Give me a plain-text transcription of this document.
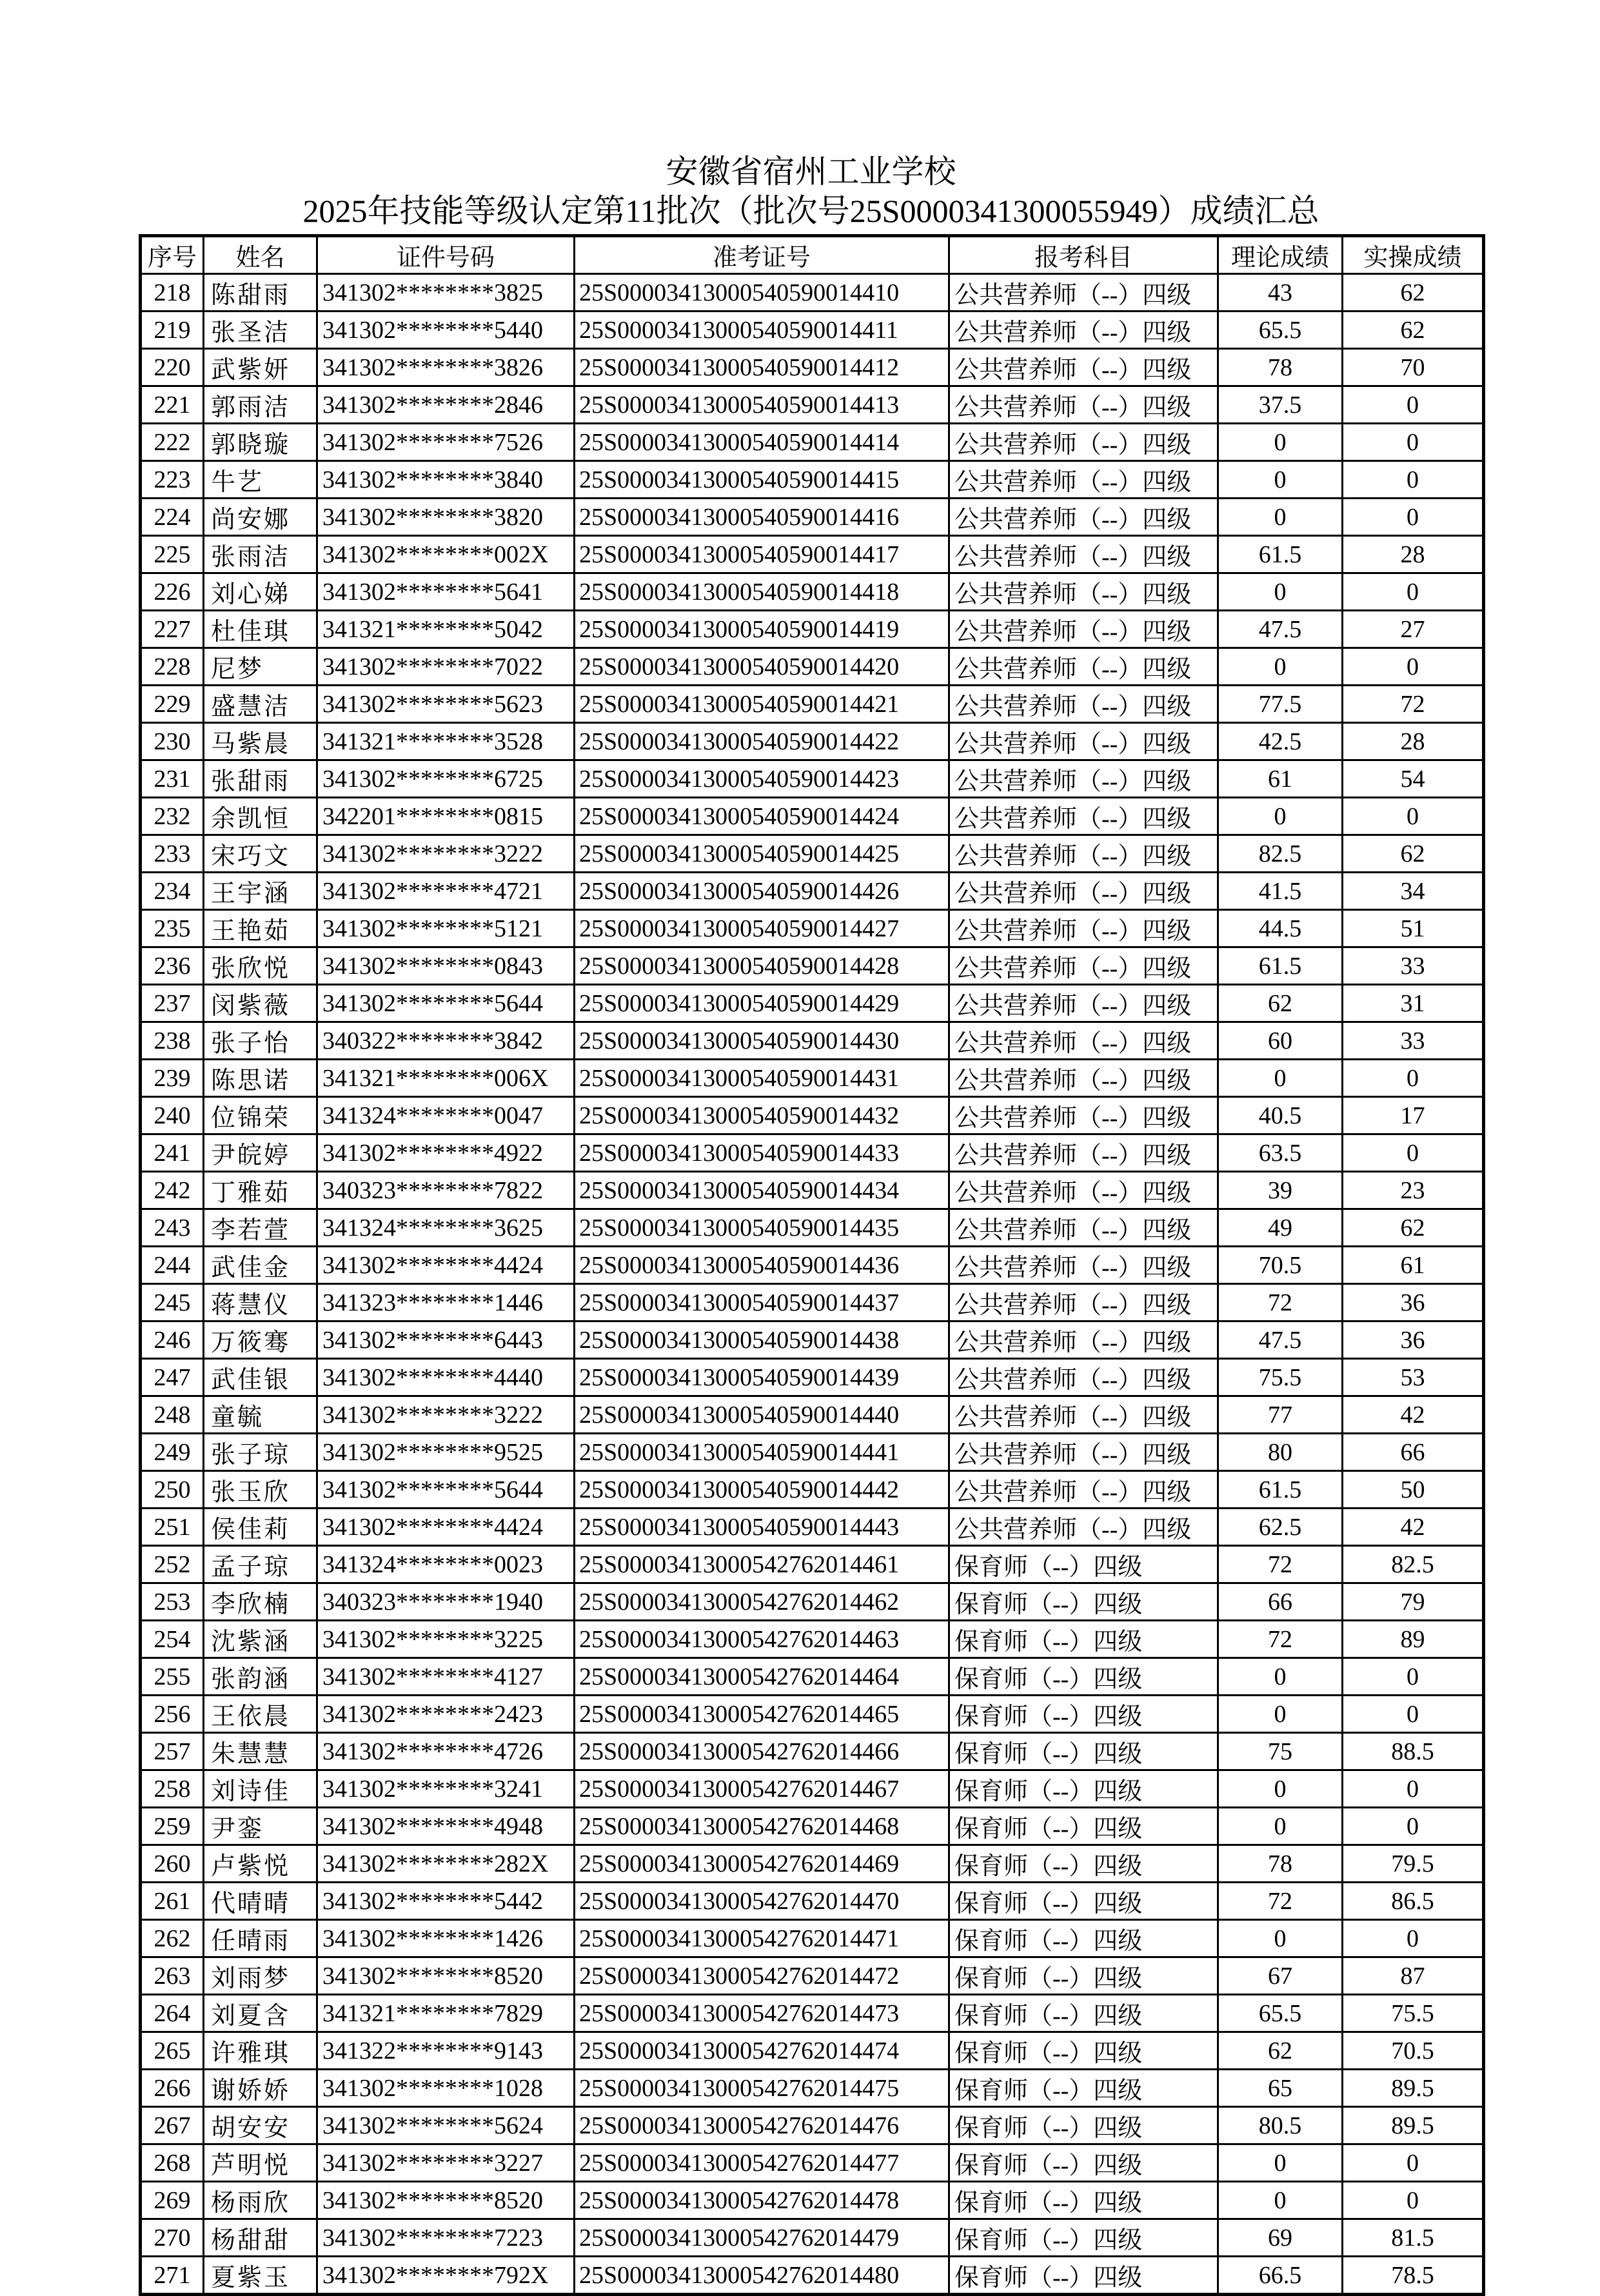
安徽省宿州工业学校
2025年技能等级认定第11批次（批次号25S0000341300055949）成绩汇总
序号	姓名	证件号码	准考证号	报考科目	理论成绩	实操成绩
218	陈甜雨	341302********3825	25S00003413000540590014410	公共营养师（--）四级	43	62
219	张圣洁	341302********5440	25S00003413000540590014411	公共营养师（--）四级	65.5	62
220	武紫妍	341302********3826	25S00003413000540590014412	公共营养师（--）四级	78	70
221	郭雨洁	341302********2846	25S00003413000540590014413	公共营养师（--）四级	37.5	0
222	郭晓璇	341302********7526	25S00003413000540590014414	公共营养师（--）四级	0	0
223	牛艺	341302********3840	25S00003413000540590014415	公共营养师（--）四级	0	0
224	尚安娜	341302********3820	25S00003413000540590014416	公共营养师（--）四级	0	0
225	张雨洁	341302********002X	25S00003413000540590014417	公共营养师（--）四级	61.5	28
226	刘心娣	341302********5641	25S00003413000540590014418	公共营养师（--）四级	0	0
227	杜佳琪	341321********5042	25S00003413000540590014419	公共营养师（--）四级	47.5	27
228	尼梦	341302********7022	25S00003413000540590014420	公共营养师（--）四级	0	0
229	盛慧洁	341302********5623	25S00003413000540590014421	公共营养师（--）四级	77.5	72
230	马紫晨	341321********3528	25S00003413000540590014422	公共营养师（--）四级	42.5	28
231	张甜雨	341302********6725	25S00003413000540590014423	公共营养师（--）四级	61	54
232	余凯恒	342201********0815	25S00003413000540590014424	公共营养师（--）四级	0	0
233	宋巧文	341302********3222	25S00003413000540590014425	公共营养师（--）四级	82.5	62
234	王宇涵	341302********4721	25S00003413000540590014426	公共营养师（--）四级	41.5	34
235	王艳茹	341302********5121	25S00003413000540590014427	公共营养师（--）四级	44.5	51
236	张欣悦	341302********0843	25S00003413000540590014428	公共营养师（--）四级	61.5	33
237	闵紫薇	341302********5644	25S00003413000540590014429	公共营养师（--）四级	62	31
238	张子怡	340322********3842	25S00003413000540590014430	公共营养师（--）四级	60	33
239	陈思诺	341321********006X	25S00003413000540590014431	公共营养师（--）四级	0	0
240	位锦荣	341324********0047	25S00003413000540590014432	公共营养师（--）四级	40.5	17
241	尹皖婷	341302********4922	25S00003413000540590014433	公共营养师（--）四级	63.5	0
242	丁雅茹	340323********7822	25S00003413000540590014434	公共营养师（--）四级	39	23
243	李若萱	341324********3625	25S00003413000540590014435	公共营养师（--）四级	49	62
244	武佳金	341302********4424	25S00003413000540590014436	公共营养师（--）四级	70.5	61
245	蒋慧仪	341323********1446	25S00003413000540590014437	公共营养师（--）四级	72	36
246	万筱骞	341302********6443	25S00003413000540590014438	公共营养师（--）四级	47.5	36
247	武佳银	341302********4440	25S00003413000540590014439	公共营养师（--）四级	75.5	53
248	童毓	341302********3222	25S00003413000540590014440	公共营养师（--）四级	77	42
249	张子琼	341302********9525	25S00003413000540590014441	公共营养师（--）四级	80	66
250	张玉欣	341302********5644	25S00003413000540590014442	公共营养师（--）四级	61.5	50
251	侯佳莉	341302********4424	25S00003413000540590014443	公共营养师（--）四级	62.5	42
252	孟子琼	341324********0023	25S00003413000542762014461	保育师（--）四级	72	82.5
253	李欣楠	340323********1940	25S00003413000542762014462	保育师（--）四级	66	79
254	沈紫涵	341302********3225	25S00003413000542762014463	保育师（--）四级	72	89
255	张韵涵	341302********4127	25S00003413000542762014464	保育师（--）四级	0	0
256	王依晨	341302********2423	25S00003413000542762014465	保育师（--）四级	0	0
257	朱慧慧	341302********4726	25S00003413000542762014466	保育师（--）四级	75	88.5
258	刘诗佳	341302********3241	25S00003413000542762014467	保育师（--）四级	0	0
259	尹銮	341302********4948	25S00003413000542762014468	保育师（--）四级	0	0
260	卢紫悦	341302********282X	25S00003413000542762014469	保育师（--）四级	78	79.5
261	代晴晴	341302********5442	25S00003413000542762014470	保育师（--）四级	72	86.5
262	任晴雨	341302********1426	25S00003413000542762014471	保育师（--）四级	0	0
263	刘雨梦	341302********8520	25S00003413000542762014472	保育师（--）四级	67	87
264	刘夏含	341321********7829	25S00003413000542762014473	保育师（--）四级	65.5	75.5
265	许雅琪	341322********9143	25S00003413000542762014474	保育师（--）四级	62	70.5
266	谢娇娇	341302********1028	25S00003413000542762014475	保育师（--）四级	65	89.5
267	胡安安	341302********5624	25S00003413000542762014476	保育师（--）四级	80.5	89.5
268	芦明悦	341302********3227	25S00003413000542762014477	保育师（--）四级	0	0
269	杨雨欣	341302********8520	25S00003413000542762014478	保育师（--）四级	0	0
270	杨甜甜	341302********7223	25S00003413000542762014479	保育师（--）四级	69	81.5
271	夏紫玉	341302********792X	25S00003413000542762014480	保育师（--）四级	66.5	78.5
